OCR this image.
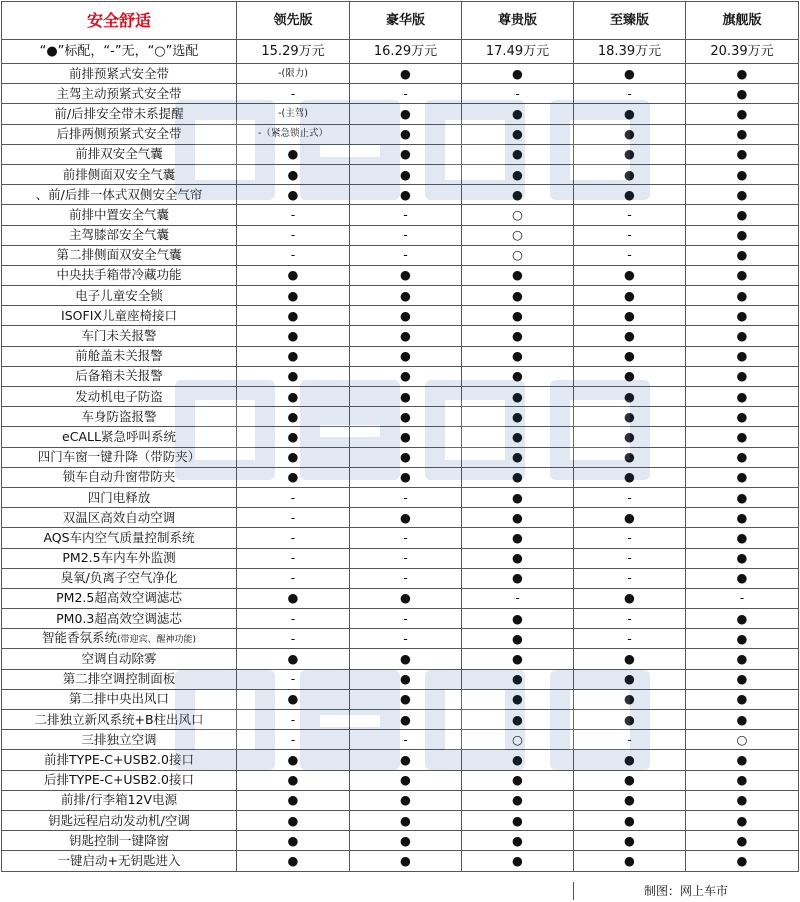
安全舒适	领先版	豪华版	尊贵版	至臻版	旗舰版
“●”标配，“-”无，“○”选配	15.29万元	16.29万元	17.49万元	18.39万元	20.39万元
前排预紧式安全带	-(限力)	●	●	●	●
主驾主动预紧式安全带	-	-	-	-	●
前/后排安全带未系提醒	-(主驾)	●	●	●	●
后排两侧预紧式安全带	-（紧急锁止式）	●	●	●	●
前排双安全气囊	●	●	●	●	●
前排侧面双安全气囊	●	●	●	●	●
、前/后排一体式双侧安全气帘	●	●	●	●	●
前排中置安全气囊	-	-	○	-	●
主驾膝部安全气囊	-	-	○	-	●
第二排侧面双安全气囊	-	-	○	-	●
中央扶手箱带冷藏功能	●	●	●	●	●
电子儿童安全锁	●	●	●	●	●
ISOFIX儿童座椅接口	●	●	●	●	●
车门未关报警	●	●	●	●	●
前舱盖未关报警	●	●	●	●	●
后备箱未关报警	●	●	●	●	●
发动机电子防盗	●	●	●	●	●
车身防盗报警	●	●	●	●	●
eCALL紧急呼叫系统	●	●	●	●	●
四门车窗一键升降（带防夹）	●	●	●	●	●
锁车自动升窗带防夹	●	●	●	●	●
四门电释放	-	-	●	-	●
双温区高效自动空调	-	●	●	●	●
AQS车内空气质量控制系统	-	-	●	-	●
PM2.5车内车外监测	-	-	●	-	●
臭氧/负离子空气净化	-	-	●	-	●
PM2.5超高效空调滤芯	●	●	-	●	-
PM0.3超高效空调滤芯	-	-	●	-	●
智能香氛系统(带迎宾、醒神功能)	-	-	●	-	●
空调自动除雾	●	●	●	●	●
第二排空调控制面板	-	●	●	●	●
第二排中央出风口	●	●	●	●	●
二排独立新风系统+B柱出风口	-	●	●	●	●
三排独立空调	-	-	○	-	○
前排TYPE-C+USB2.0接口	●	●	●	●	●
后排TYPE-C+USB2.0接口	●	●	●	●	●
前排/行李箱12V电源	●	●	●	●	●
钥匙远程启动发动机/空调	●	●	●	●	●
钥匙控制一键降窗	●	●	●	●	●
一键启动+无钥匙进入	●	●	●	●	●
制图：网上车市
